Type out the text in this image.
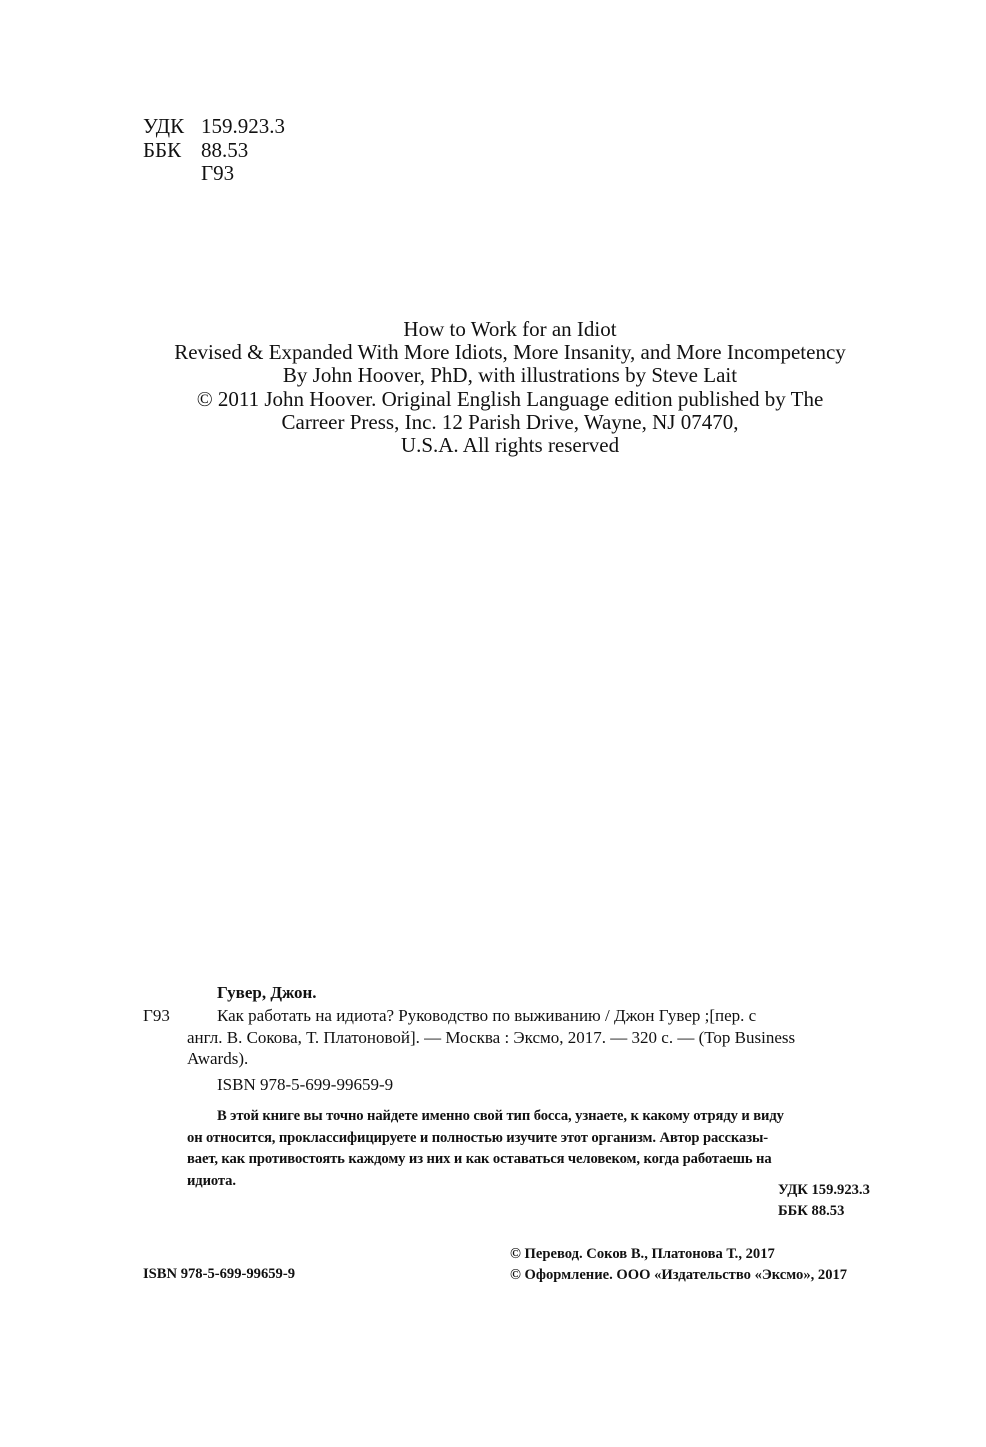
УДК 159.923.3
ББК 88.53
Г93
How to Work for an Idiot
Revised & Expanded With More Idiots, More Insanity, and More Incompetency
By John Hoover, PhD, with illustrations by Steve Lait
© 2011 John Hoover. Original English Language edition published by The
Carreer Press, Inc. 12 Parish Drive, Wayne, NJ 07470,
U.S.A. All rights reserved
Гувер, Джон.
Г93	Как работать на идиота? Руководство по выживанию / Джон Гувер ;[пер. с
англ. В. Сокова, Т. Платоновой]. — Москва : Эксмо, 2017. — 320 с. — (Top Business
Awards).
ISBN 978-5-699-99659-9
В этой книге вы точно найдете именно свой тип босса, узнаете, к какому отряду и виду
он относится, проклассифицируете и полностью изучите этот организм. Автор рассказы-
вает, как противостоять каждому из них и как оставаться человеком, когда работаешь на
идиота.
УДК 159.923.3
ББК 88.53
ISBN 978-5-699-99659-9
© Перевод. Соков В., Платонова Т., 2017
© Оформление. ООО «Издательство «Эксмо», 2017
